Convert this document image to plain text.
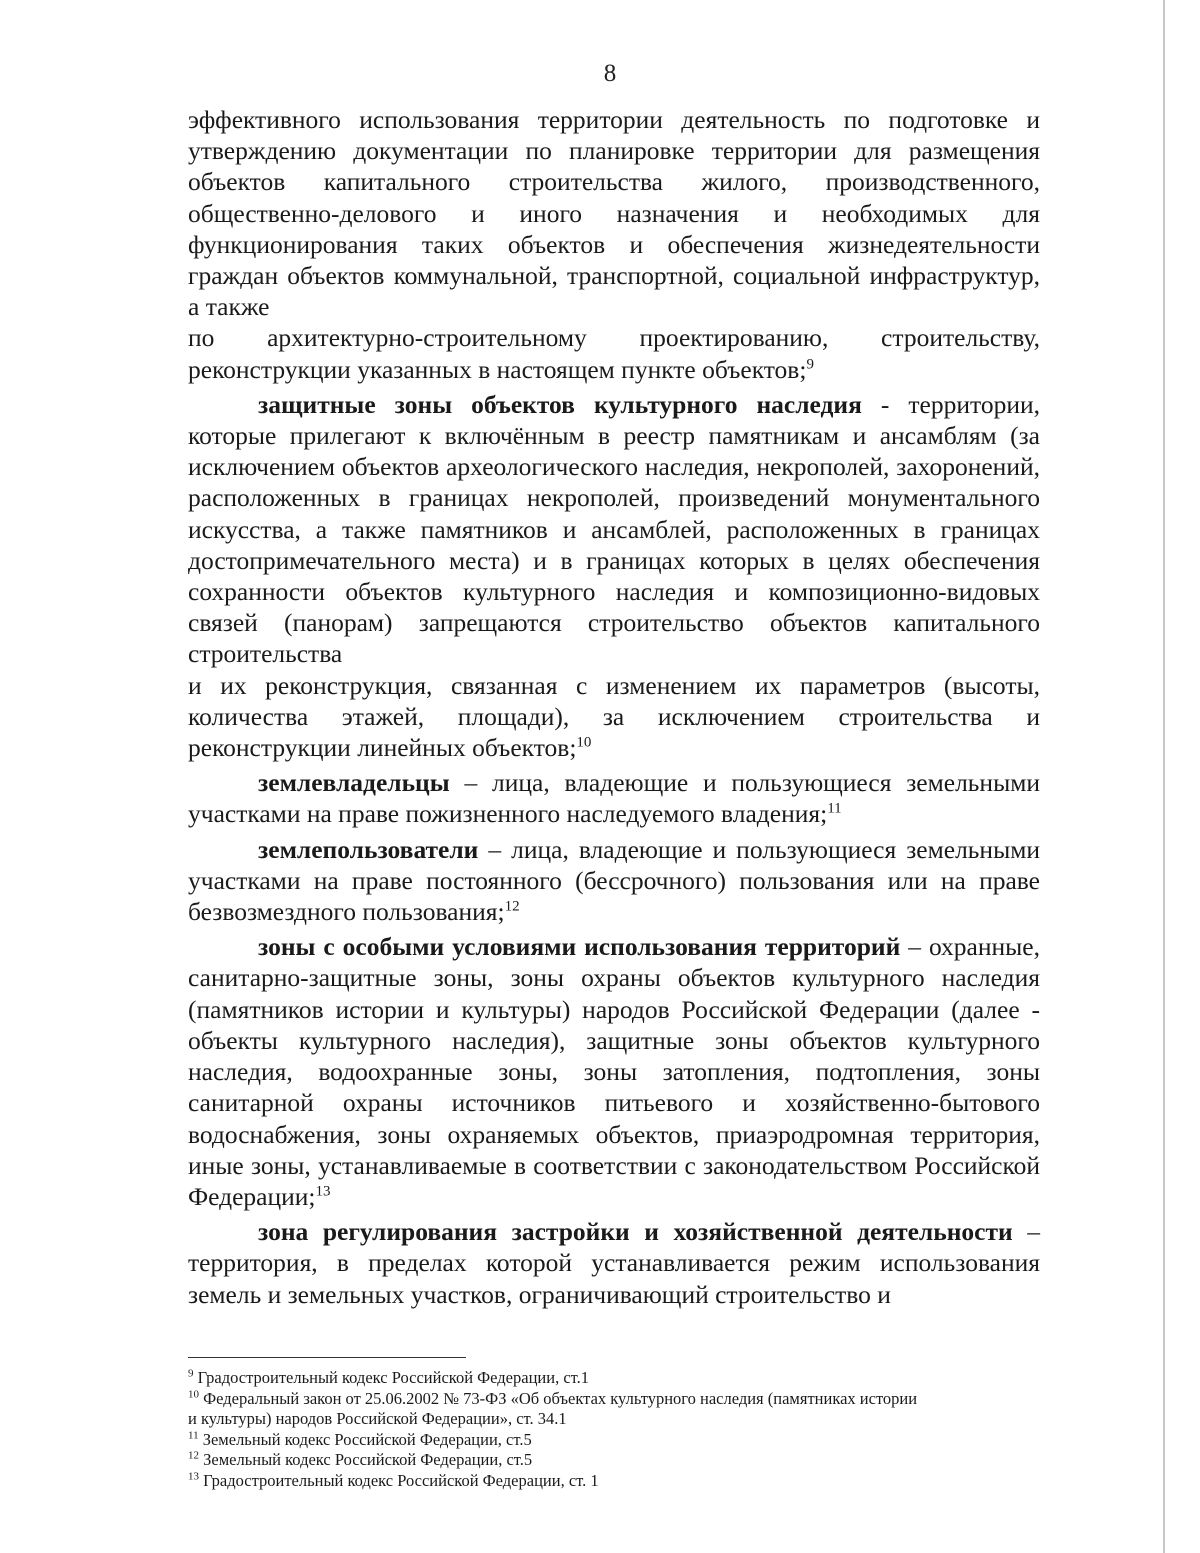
8

эффективного использования территории деятельность по подготовке и утверждению документации по планировке территории для размещения объектов капитального строительства жилого, производственного, общественно-делового и иного назначения и необходимых для функционирования таких объектов и обеспечения жизнедеятельности граждан объектов коммунальной, транспортной, социальной инфраструктур, а также

по архитектурно-строительному проектированию, строительству, реконструкции указанных в настоящем пункте объектов;$^9$

защитные зоны объектов культурного наследия - территории, которые прилегают к включённым в реестр памятникам и ансамблям (за исключением объектов археологического наследия, некрополей, захоронений, расположенных в границах некрополей, произведений монументального искусства, а также памятников и ансамблей, расположенных в границах достопримечательного места) и в границах которых в целях обеспечения сохранности объектов культурного наследия и композиционно-видовых связей (панорам) запрещаются строительство объектов капитального строительства

и их реконструкция, связанная с изменением их параметров (высоты, количества этажей, площади), за исключением строительства и реконструкции линейных объектов;$^{10}$

землевладельцы – лица, владеющие и пользующиеся земельными участками на праве пожизненного наследуемого владения;$^{11}$

землепользователи – лица, владеющие и пользующиеся земельными участками на праве постоянного (бессрочного) пользования или на праве безвозмездного пользования;$^{12}$

зоны с особыми условиями использования территорий – охранные, санитарно-защитные зоны, зоны охраны объектов культурного наследия (памятников истории и культуры) народов Российской Федерации (далее - объекты культурного наследия), защитные зоны объектов культурного наследия, водоохранные зоны, зоны затопления, подтопления, зоны санитарной охраны источников питьевого и хозяйственно-бытового водоснабжения, зоны охраняемых объектов, приаэродромная территория, иные зоны, устанавливаемые в соответствии с законодательством Российской Федерации;$^{13}$

зона регулирования застройки и хозяйственной деятельности – территория, в пределах которой устанавливается режим использования земель и земельных участков, ограничивающий строительство и

$^9$ Градостроительный кодекс Российской Федерации, ст.1

$^{10}$ Федеральный закон от 25.06.2002 № 73-ФЗ «Об объектах культурного наследия (памятниках истории

и культуры) народов Российской Федерации», ст. 34.1

$^{11}$ Земельный кодекс Российской Федерации, ст.5

$^{12}$ Земельный кодекс Российской Федерации, ст.5

$^{13}$ Градостроительный кодекс Российской Федерации, ст. 1
